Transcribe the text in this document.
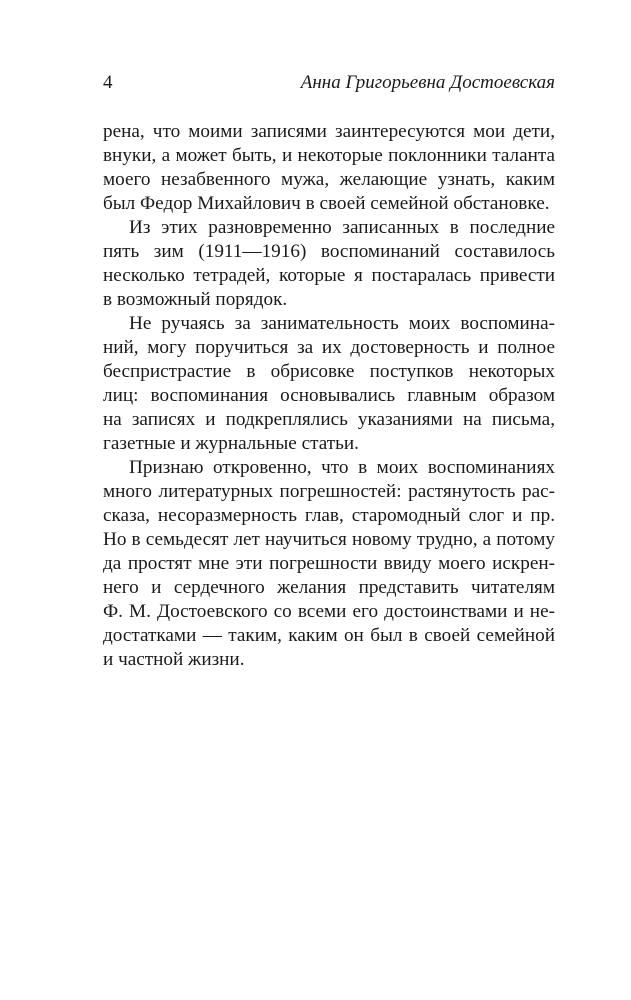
4	Анна Григорьевна Достоевская

рена, что моими записями заинтересуются мои дети,
внуки, а может быть, и некоторые поклонники таланта
моего незабвенного мужа, желающие узнать, каким
был Федор Михайлович в своей семейной обстановке.

Из этих разновременно записанных в последние
пять зим (1911—1916) воспоминаний составилось
несколько тетрадей, которые я постаралась привести
в возможный порядок.

Не ручаясь за занимательность моих воспомина-
ний, могу поручиться за их достоверность и полное
беспристрастие в обрисовке поступков некоторых
лиц: воспоминания основывались главным образом
на записях и подкреплялись указаниями на письма,
газетные и журнальные статьи.

Признаю откровенно, что в моих воспоминаниях
много литературных погрешностей: растянутость рас-
сказа, несоразмерность глав, старомодный слог и пр.
Но в семьдесят лет научиться новому трудно, а потому
да простят мне эти погрешности ввиду моего искрен-
него и сердечного желания представить читателям
Ф. М. Достоевского со всеми его достоинствами и не-
достатками — таким, каким он был в своей семейной
и частной жизни.
